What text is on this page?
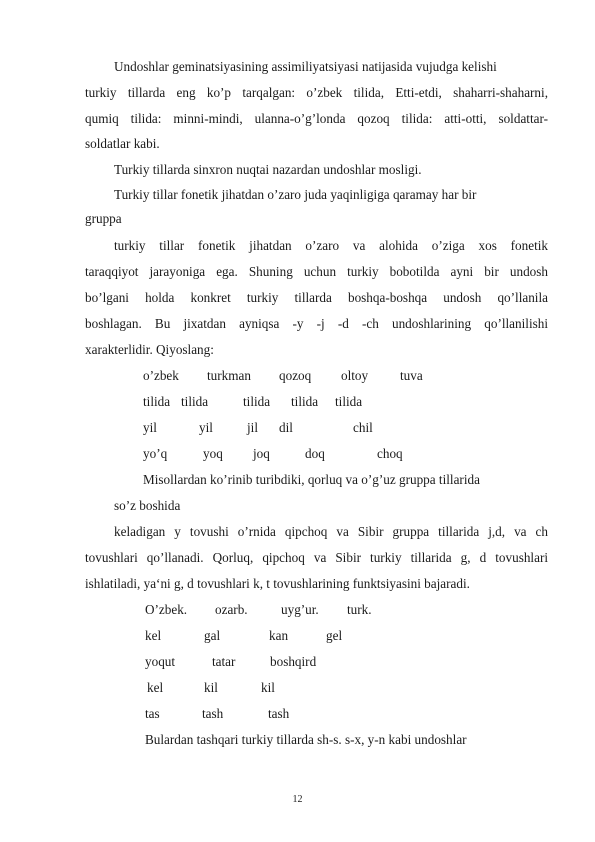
Undoshlar geminatsiyasining assimiliyatsiyasi natijasida vujudga kelishi
turkiy tillarda eng ko’p tarqalgan: o’zbek tilida, Etti-etdi, shaharri-shaharni,
qumiq tilida: minni-mindi, ulanna-o’g’londa qozoq tilida: atti-otti, soldattar-
soldatlar kabi.
Turkiy tillarda sinxron nuqtai nazardan undoshlar mosligi.
Turkiy tillar fonetik jihatdan o’zaro juda yaqinligiga qaramay har bir
gruppa
turkiy tillar fonetik jihatdan o’zaro va alohida o’ziga xos fonetik
taraqqiyot jarayoniga ega. Shuning uchun turkiy bobotilda ayni bir undosh
bo’lgani holda konkret turkiy tillarda boshqa-boshqa undosh qo’llanila
boshlagan. Bu jixatdan ayniqsa -y -j -d -ch undoshlarining qo’llanilishi
xarakterlidir. Qiyoslang:
o’zbek turkman qozoq oltoy tuva
tilida tilida	tilida tilida tilida
yil	yil	jil dil	chil
yo’q	yoq joq	doq	choq
Misollardan ko’rinib turibdiki, qorluq va o’g’uz gruppa tillarida
so’z boshida
keladigan y tovushi o’rnida qipchoq va Sibir gruppa tillarida j,d, va ch
tovushlari qo’llanadi. Qorluq, qipchoq va Sibir turkiy tillarida g, d tovushlari
ishlatiladi, ya‘ni g, d tovushlari k, t tovushlarining funktsiyasini bajaradi.
O’zbek. ozarb.	uyg’ur. turk.
kel	gal	kan	gel
yoqut	tatar	boshqird
kel	kil	kil
tas	tash	tash
Bulardan tashqari turkiy tillarda sh-s. s-x, y-n kabi undoshlar
12
